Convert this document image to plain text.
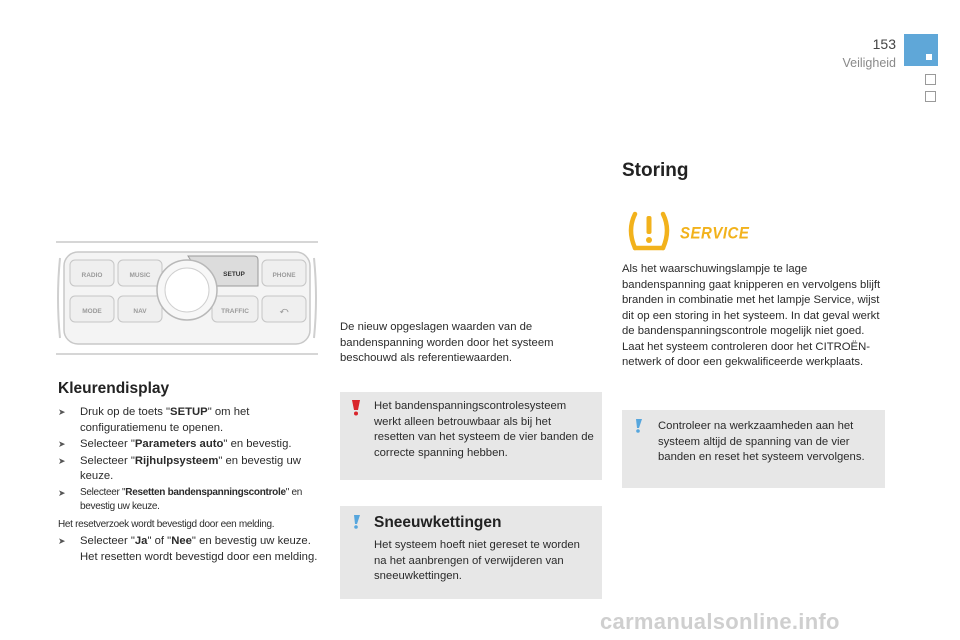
153
Veiligheid
RADIO	MUSIC	SETUP	PHONE
MODE	NAV	TRAFFIC	⤺
Kleurendisplay
➤ Druk op de toets "SETUP" om het configuratiemenu te openen.
➤ Selecteer "Parameters auto" en bevestig.
➤ Selecteer "Rijhulpsysteem" en bevestig uw keuze.
➤ Selecteer "Resetten bandenspanningscontrole" en bevestig uw keuze.
Het resetverzoek wordt bevestigd door een melding.
➤ Selecteer "Ja" of "Nee" en bevestig uw keuze.
Het resetten wordt bevestigd door een melding.
De nieuw opgeslagen waarden van de bandenspanning worden door het systeem beschouwd als referentiewaarden.
Het bandenspanningscontrolesysteem werkt alleen betrouwbaar als bij het resetten van het systeem de vier banden de correcte spanning hebben.
Sneeuwkettingen
Het systeem hoeft niet gereset te worden na het aanbrengen of verwijderen van sneeuwkettingen.
Storing
SERVICE
Als het waarschuwingslampje te lage bandenspanning gaat knipperen en vervolgens blijft branden in combinatie met het lampje Service, wijst dit op een storing in het systeem. In dat geval werkt de bandenspanningscontrole mogelijk niet goed. Laat het systeem controleren door het CITROËN-netwerk of door een gekwalificeerde werkplaats.
Controleer na werkzaamheden aan het systeem altijd de spanning van de vier banden en reset het systeem vervolgens.
carmanualsonline.info
